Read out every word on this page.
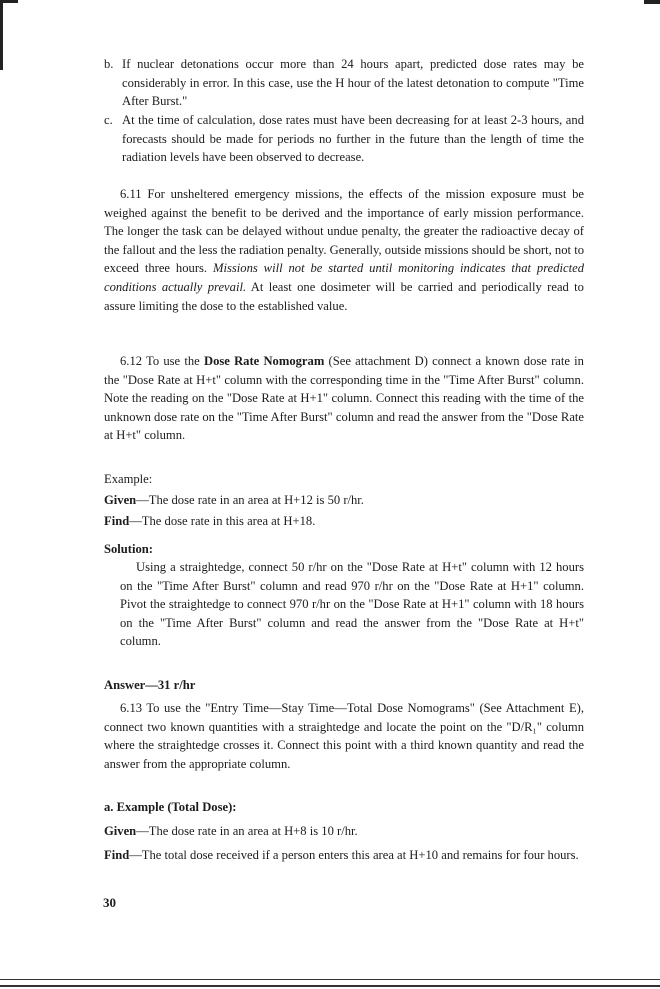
b. If nuclear detonations occur more than 24 hours apart, predicted dose rates may be considerably in error. In this case, use the H hour of the latest detonation to compute "Time After Burst."
c. At the time of calculation, dose rates must have been decreasing for at least 2-3 hours, and forecasts should be made for periods no further in the future than the length of time the radiation levels have been observed to decrease.

6.11 For unsheltered emergency missions, the effects of the mission exposure must be weighed against the benefit to be derived and the importance of early mission performance. The longer the task can be delayed without undue penalty, the greater the radioactive decay of the fallout and the less the radiation penalty. Generally, outside missions should be short, not to exceed three hours. Missions will not be started until monitoring indicates that predicted conditions actually prevail. At least one dosimeter will be carried and periodically read to assure limiting the dose to the established value.

6.12 To use the Dose Rate Nomogram (See attachment D) connect a known dose rate in the "Dose Rate at H+t" column with the corresponding time in the "Time After Burst" column. Note the reading on the "Dose Rate at H+1" column. Connect this reading with the time of the unknown dose rate on the "Time After Burst" column and read the answer from the "Dose Rate at H+t" column.

Example:
Given—The dose rate in an area at H+12 is 50 r/hr.
Find—The dose rate in this area at H+18.
Solution:

Using a straightedge, connect 50 r/hr on the "Dose Rate at H+t" column with 12 hours on the "Time After Burst" column and read 970 r/hr on the "Dose Rate at H+1" column. Pivot the straightedge to connect 970 r/hr on the "Dose Rate at H+1" column with 18 hours on the "Time After Burst" column and read the answer from the "Dose Rate at H+t" column.

Answer—31 r/hr

6.13 To use the "Entry Time—Stay Time—Total Dose Nomograms" (See Attachment E), connect two known quantities with a straightedge and locate the point on the "D/R₁" column where the straightedge crosses it. Connect this point with a third known quantity and read the answer from the appropriate column.

a. Example (Total Dose):
Given—The dose rate in an area at H+8 is 10 r/hr.

Find—The total dose received if a person enters this area at H+10 and remains for four hours.

30
